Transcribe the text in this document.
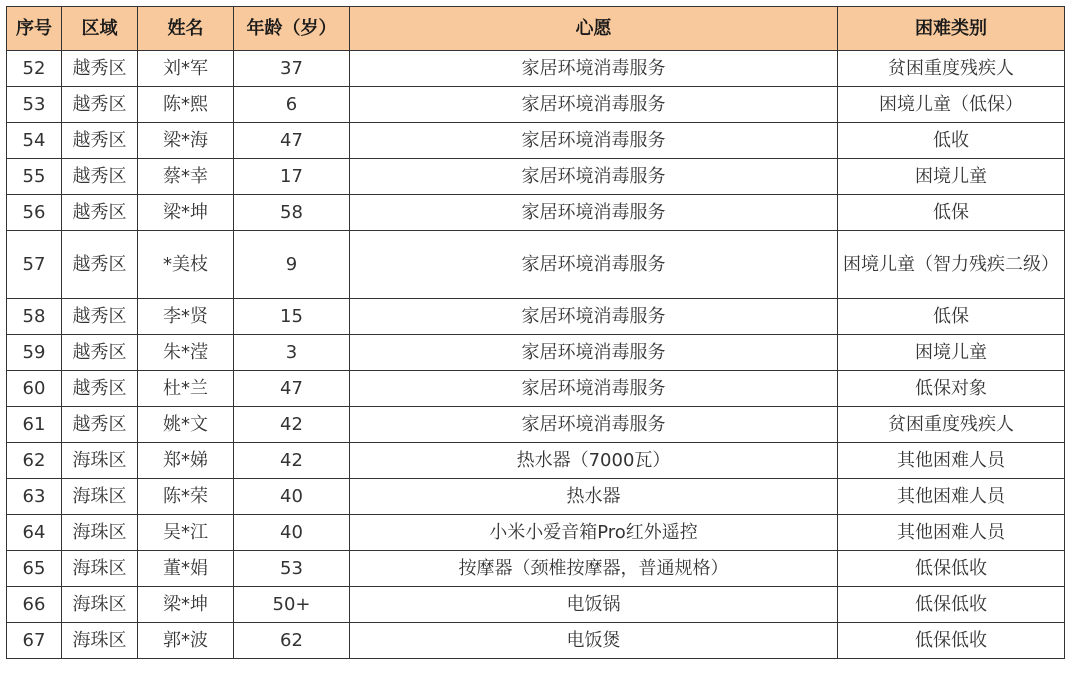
序号	区域	姓名	年龄（岁）	心愿	困难类别
52	越秀区	刘*军	37	家居环境消毒服务	贫困重度残疾人
53	越秀区	陈*熙	6	家居环境消毒服务	困境儿童（低保）
54	越秀区	梁*海	47	家居环境消毒服务	低收
55	越秀区	蔡*幸	17	家居环境消毒服务	困境儿童
56	越秀区	梁*坤	58	家居环境消毒服务	低保
57	越秀区	*美枝	9	家居环境消毒服务	困境儿童（智力残疾二级）
58	越秀区	李*贤	15	家居环境消毒服务	低保
59	越秀区	朱*滢	3	家居环境消毒服务	困境儿童
60	越秀区	杜*兰	47	家居环境消毒服务	低保对象
61	越秀区	姚*文	42	家居环境消毒服务	贫困重度残疾人
62	海珠区	郑*娣	42	热水器（7000瓦）	其他困难人员
63	海珠区	陈*荣	40	热水器	其他困难人员
64	海珠区	吴*江	40	小米小爱音箱Pro红外遥控	其他困难人员
65	海珠区	董*娟	53	按摩器（颈椎按摩器，普通规格）	低保低收
66	海珠区	梁*坤	50+	电饭锅	低保低收
67	海珠区	郭*波	62	电饭煲	低保低收
